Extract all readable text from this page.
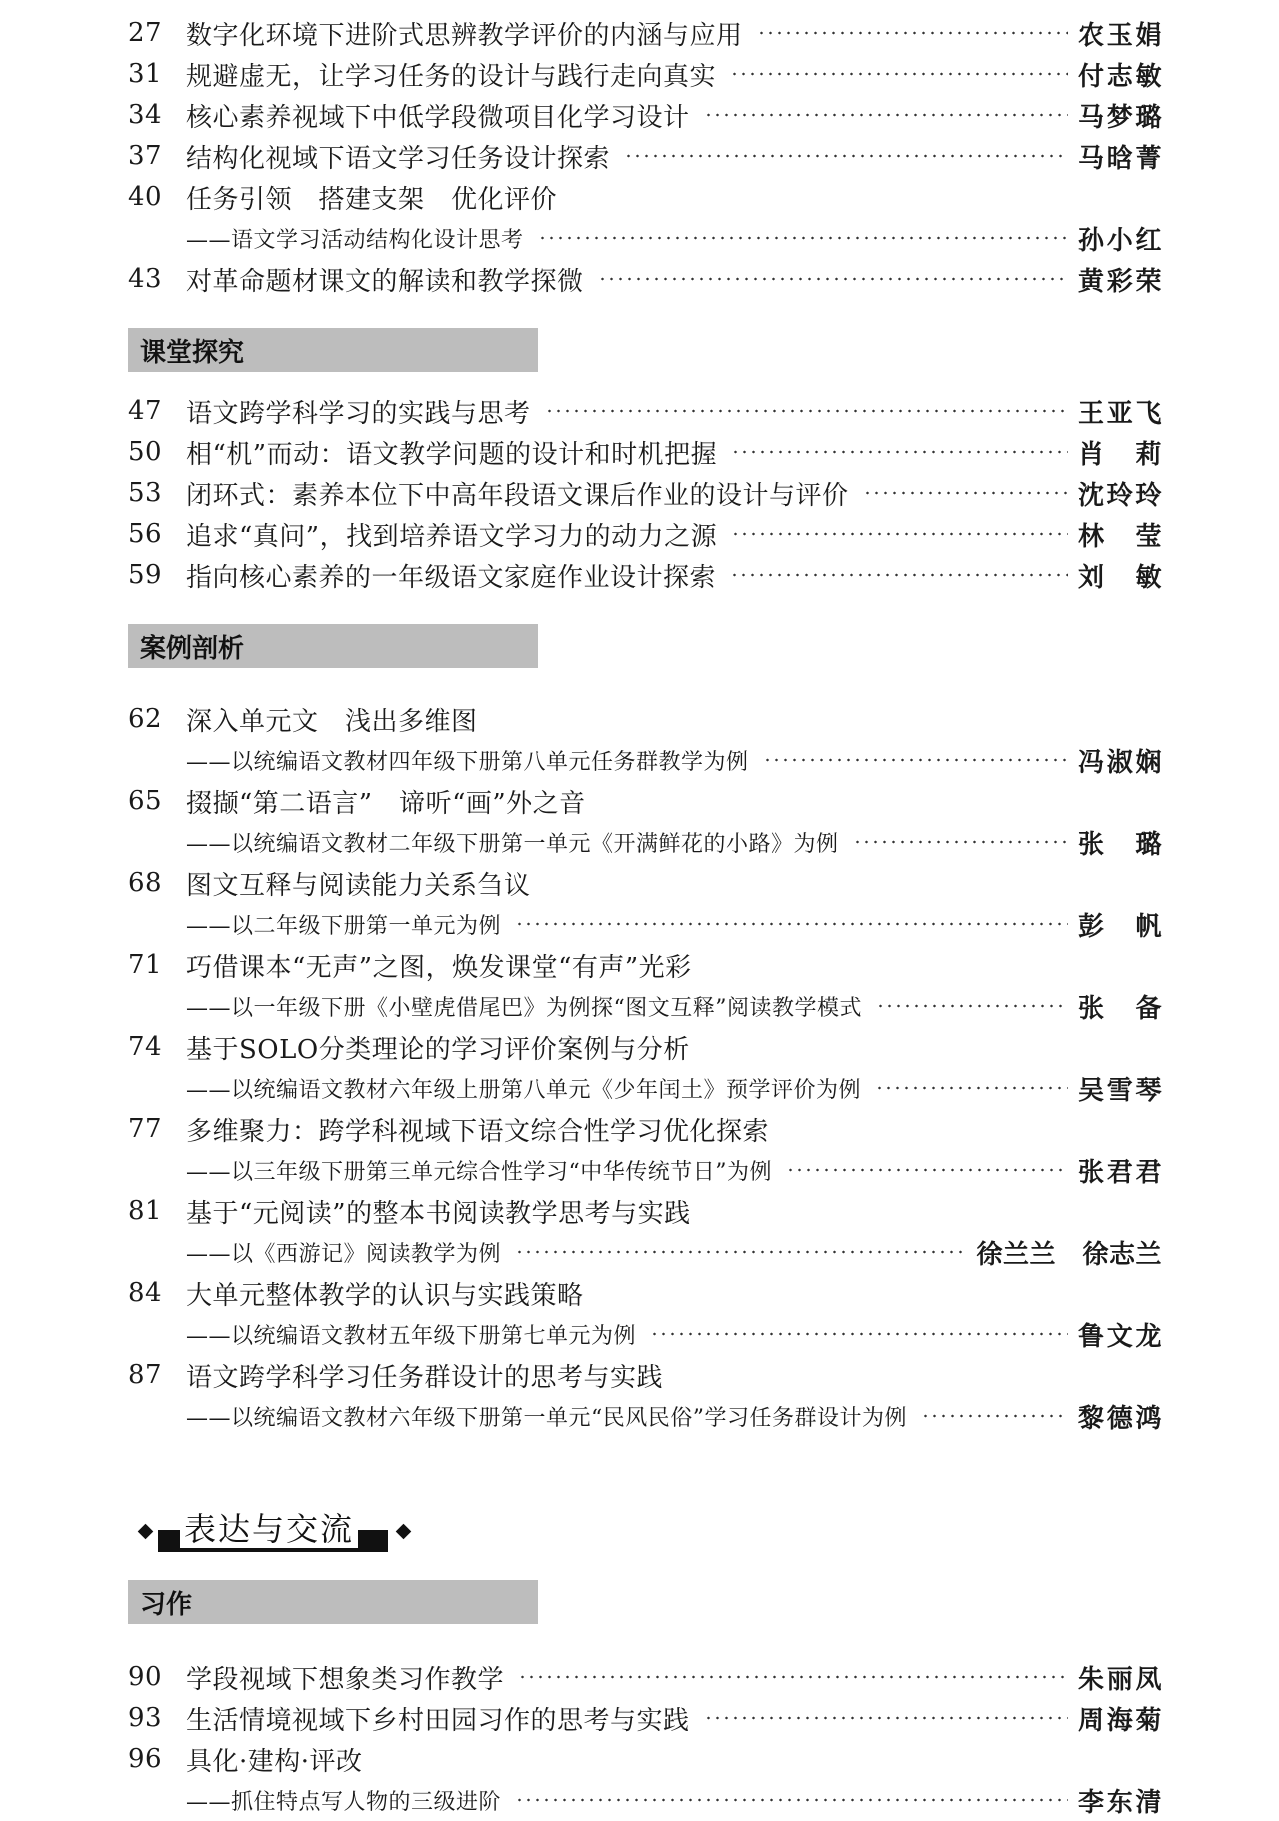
27 数字化环境下进阶式思辨教学评价的内涵与应用	农玉娟
31 规避虚无，让学习任务的设计与践行走向真实	付志敏
34 核心素养视域下中低学段微项目化学习设计	马梦璐
37 结构化视域下语文学习任务设计探索	马晗菁
40 任务引领　搭建支架　优化评价
——语文学习活动结构化设计思考	孙小红
43 对革命题材课文的解读和教学探微	黄彩荣
课堂探究
47 语文跨学科学习的实践与思考	王亚飞
50 相“机”而动：语文教学问题的设计和时机把握	肖　莉
53 闭环式：素养本位下中高年段语文课后作业的设计与评价	沈玲玲
56 追求“真问”，找到培养语文学习力的动力之源	林　莹
59 指向核心素养的一年级语文家庭作业设计探索	刘　敏
案例剖析
62 深入单元文　浅出多维图
——以统编语文教材四年级下册第八单元任务群教学为例	冯淑娴
65 掇撷“第二语言”　谛听“画”外之音
——以统编语文教材二年级下册第一单元《开满鲜花的小路》为例	张　璐
68 图文互释与阅读能力关系刍议
——以二年级下册第一单元为例	彭　帆
71 巧借课本“无声”之图，焕发课堂“有声”光彩
——以一年级下册《小壁虎借尾巴》为例探“图文互释”阅读教学模式	张　备
74 基于SOLO分类理论的学习评价案例与分析
——以统编语文教材六年级上册第八单元《少年闰土》预学评价为例	吴雪琴
77 多维聚力：跨学科视域下语文综合性学习优化探索
——以三年级下册第三单元综合性学习“中华传统节日”为例	张君君
81 基于“元阅读”的整本书阅读教学思考与实践
——以《西游记》阅读教学为例	徐兰兰　徐志兰
84 大单元整体教学的认识与实践策略
——以统编语文教材五年级下册第七单元为例	鲁文龙
87 语文跨学科学习任务群设计的思考与实践
——以统编语文教材六年级下册第一单元“民风民俗”学习任务群设计为例	黎德鸿
习作
90 学段视域下想象类习作教学	朱丽凤
93 生活情境视域下乡村田园习作的思考与实践	周海菊
96 具化·建构·评改
——抓住特点写人物的三级进阶	李东清
表达与交流
